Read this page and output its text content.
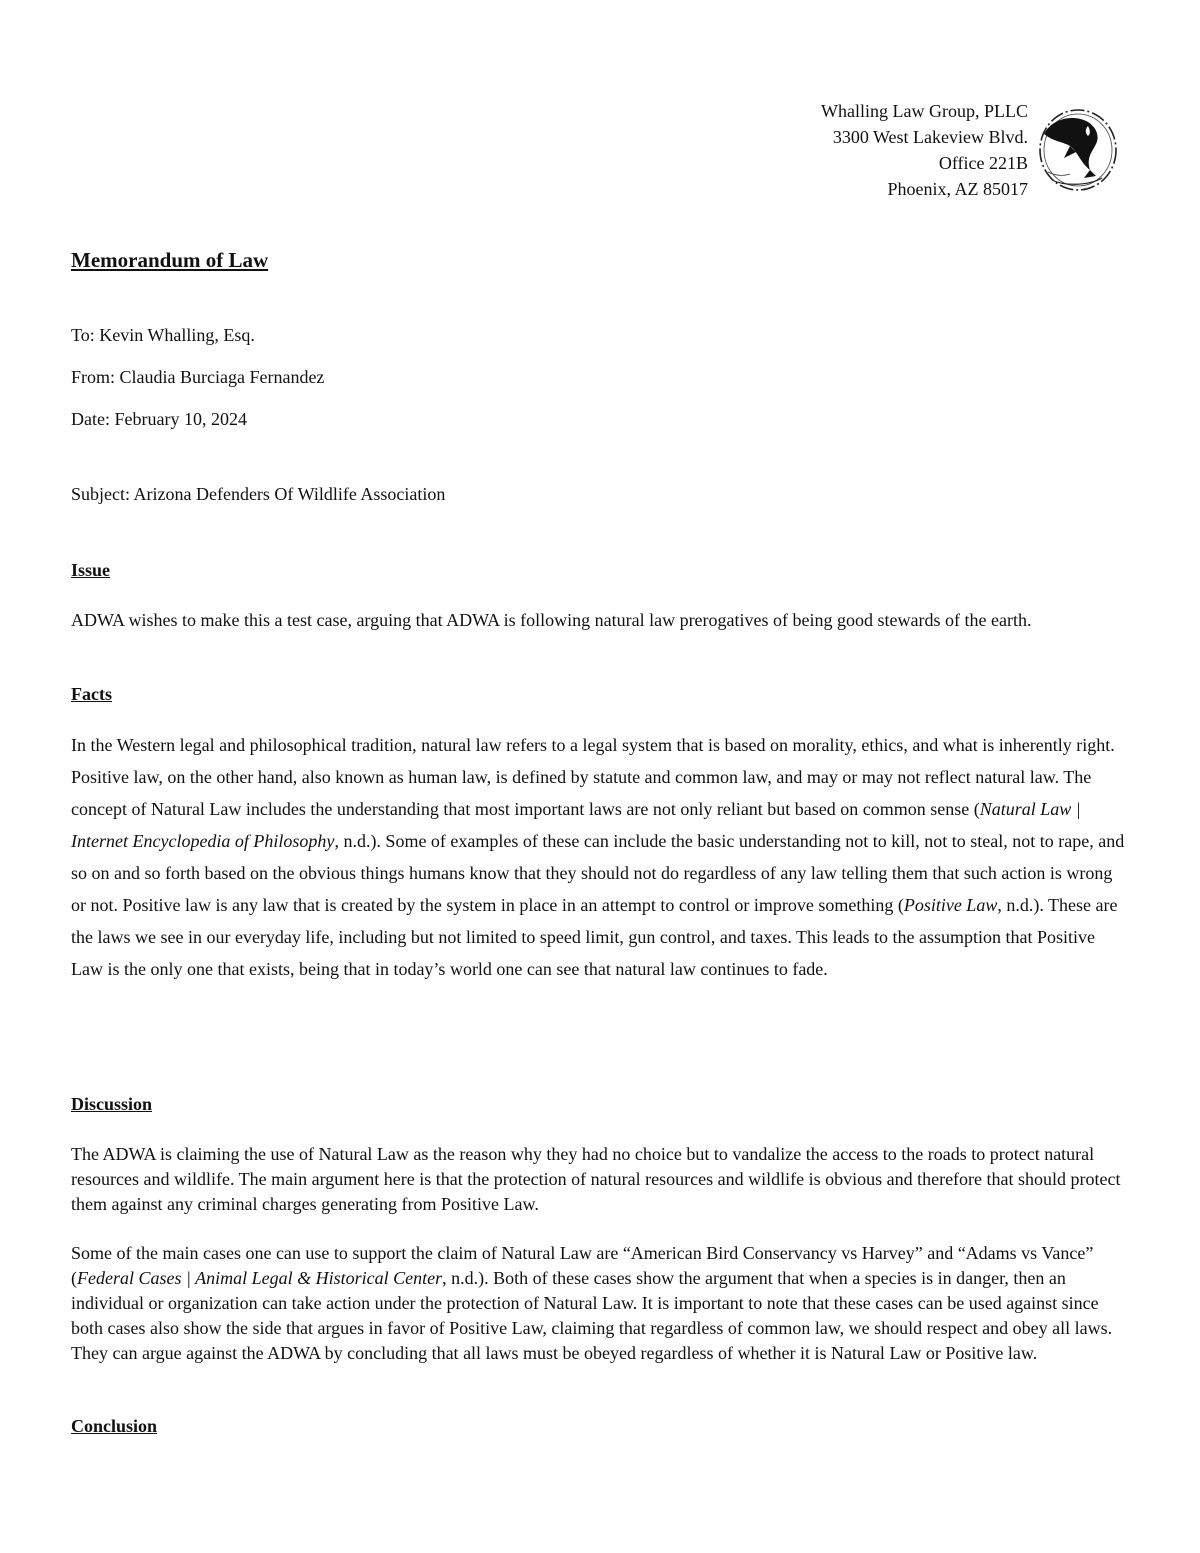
Whalling Law Group, PLLC
3300 West Lakeview Blvd.
Office 221B
Phoenix, AZ 85017
Memorandum of Law
To: Kevin Whalling, Esq.
From: Claudia Burciaga Fernandez
Date: February 10, 2024
Subject: Arizona Defenders Of Wildlife Association
Issue

ADWA wishes to make this a test case, arguing that ADWA is following natural law prerogatives of being good stewards of the earth.

Facts

In the Western legal and philosophical tradition, natural law refers to a legal system that is based on morality, ethics, and what is inherently right. Positive law, on the other hand, also known as human law, is defined by statute and common law, and may or may not reflect natural law. The concept of Natural Law includes the understanding that most important laws are not only reliant but based on common sense (Natural Law | Internet Encyclopedia of Philosophy, n.d.). Some of examples of these can include the basic understanding not to kill, not to steal, not to rape, and so on and so forth based on the obvious things humans know that they should not do regardless of any law telling them that such action is wrong or not. Positive law is any law that is created by the system in place in an attempt to control or improve something (Positive Law, n.d.). These are the laws we see in our everyday life, including but not limited to speed limit, gun control, and taxes. This leads to the assumption that Positive Law is the only one that exists, being that in today’s world one can see that natural law continues to fade.

Discussion

The ADWA is claiming the use of Natural Law as the reason why they had no choice but to vandalize the access to the roads to protect natural resources and wildlife. The main argument here is that the protection of natural resources and wildlife is obvious and therefore that should protect them against any criminal charges generating from Positive Law.

Some of the main cases one can use to support the claim of Natural Law are “American Bird Conservancy vs Harvey” and “Adams vs Vance” (Federal Cases | Animal Legal & Historical Center, n.d.). Both of these cases show the argument that when a species is in danger, then an individual or organization can take action under the protection of Natural Law. It is important to note that these cases can be used against since both cases also show the side that argues in favor of Positive Law, claiming that regardless of common law, we should respect and obey all laws. They can argue against the ADWA by concluding that all laws must be obeyed regardless of whether it is Natural Law or Positive law.

Conclusion
